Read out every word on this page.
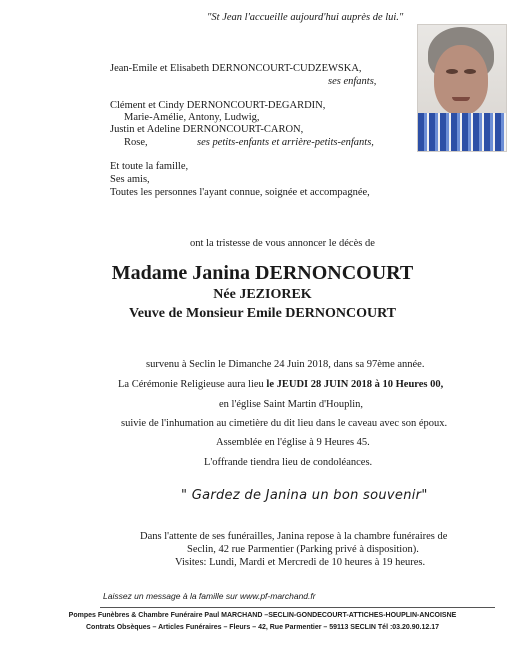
"St Jean l'accueille aujourd'hui auprès de lui."
Jean-Emile et Elisabeth DERNONCOURT-CUDZEWSKA,
ses enfants,
Clément et Cindy DERNONCOURT-DEGARDIN,
Marie-Amélie, Antony, Ludwig,
Justin et Adeline DERNONCOURT-CARON,
Rose,	ses petits-enfants et arrière-petits-enfants,
Et toute la famille,
Ses amis,
Toutes les personnes l'ayant connue, soignée et accompagnée,
ont la tristesse de vous annoncer le décès de
Madame Janina DERNONCOURT
Née JEZIOREK
Veuve de Monsieur Emile DERNONCOURT
survenu à Seclin le Dimanche 24 Juin 2018, dans sa 97ème année.
La Cérémonie Religieuse aura lieu le JEUDI 28 JUIN 2018 à 10 Heures 00,
en l'église Saint Martin d'Houplin,
suivie de l'inhumation au cimetière du dit lieu dans le caveau avec son époux.
Assemblée en l'église à 9 Heures 45.
L'offrande tiendra lieu de condoléances.
" Gardez de Janina un bon souvenir"
Dans l'attente de ses funérailles, Janina repose à la chambre funéraires de
Seclin, 42 rue Parmentier (Parking privé à disposition).
Visites: Lundi, Mardi et Mercredi de 10 heures à 19 heures.
Laissez un message à la famille sur www.pf-marchand.fr
Pompes Funèbres & Chambre Funéraire Paul MARCHAND –SECLIN-GONDECOURT-ATTICHES-HOUPLIN-ANCOISNE
Contrats Obsèques – Articles Funéraires – Fleurs – 42, Rue Parmentier – 59113 SECLIN Tél :03.20.90.12.17
